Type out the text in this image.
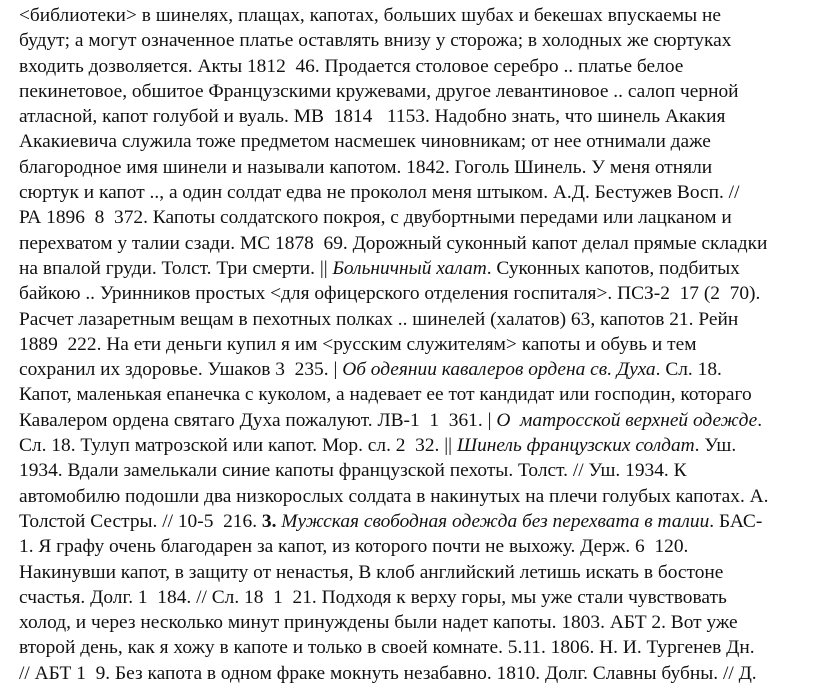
<библиотеки> в шинелях, плащах, капотах, больших шубах и бекешах впускаемы не
будут; а могут означенное платье оставлять внизу у сторожа; в холодных же сюртуках
входить дозволяется. Акты 1812  46. Продается столовое серебро .. платье белое
пекинетовое, обшитое Французскими кружевами, другое левантиновое .. салоп черной
атласной, капот голубой и вуаль. МВ  1814   1153. Надобно знать, что шинель Акакия
Акакиевича служила тоже предметом насмешек чиновникам; от нее отнимали даже
благородное имя шинели и называли капотом. 1842. Гоголь Шинель. У меня отняли
сюртук и капот .., а один солдат едва не проколол меня штыком. А.Д. Бестужев Восп. //
РА 1896  8  372. Капоты солдатского покроя, с двубортными передами или лацканом и
перехватом у талии сзади. МС 1878  69. Дорожный суконный капот делал прямые складки
на впалой груди. Толст. Три смерти. || Больничный халат. Суконных капотов, подбитых
байкою .. Уринников простых <для офицерского отделения госпиталя>. ПСЗ-2  17 (2  70).
Расчет лазаретным вещам в пехотных полках .. шинелей (халатов) 63, капотов 21. Рейн
1889  222. На ети деньги купил я им <русским служителям> капоты и обувь и тем
сохранил их здоровье. Ушаков 3  235. | Об одеянии кавалеров ордена св. Духа. Сл. 18.
Капот, маленькая епанечка с куколом, а надевает ее тот кандидат или господин, котораго
Кавалером ордена святаго Духа пожалуют. ЛВ-1  1  361. | О  матросской верхней одежде.
Сл. 18. Тулуп матрозской или капот. Мор. сл. 2  32. || Шинель французских солдат. Уш.
1934. Вдали замелькали синие капоты французской пехоты. Толст. // Уш. 1934. К
автомобилю подошли два низкорослых солдата в накинутых на плечи голубых капотах. А.
Толстой Сестры. // 10-5  216. 3. Мужская свободная одежда без перехвата в талии. БАС-
1. Я графу очень благодарен за капот, из которого почти не выхожу. Держ. 6  120.
Накинувши капот, в защиту от ненастья, В клоб английский летишь искать в бостоне
счастья. Долг. 1  184. // Сл. 18  1  21. Подходя к верху горы, мы уже стали чувствовать
холод, и через несколько минут принуждены были надет капоты. 1803. АБТ 2. Вот уже
второй день, как я хожу в капоте и только в своей комнате. 5.11. 1806. Н. И. Тургенев Дн.
// АБТ 1  9. Без капота в одном фраке мокнуть незабавно. 1810. Долг. Славны бубны. // Д.
